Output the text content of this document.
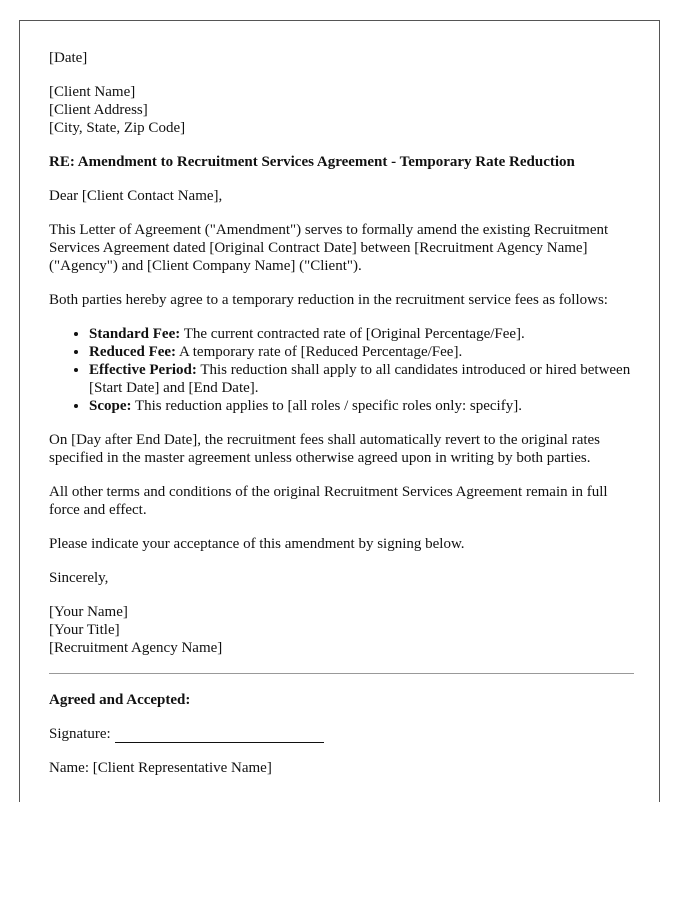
[Date]

[Client Name]
[Client Address]
[City, State, Zip Code]

RE: Amendment to Recruitment Services Agreement - Temporary Rate Reduction

Dear [Client Contact Name],

This Letter of Agreement ("Amendment") serves to formally amend the existing Recruitment Services Agreement dated [Original Contract Date] between [Recruitment Agency Name] ("Agency") and [Client Company Name] ("Client").

Both parties hereby agree to a temporary reduction in the recruitment service fees as follows:

• Standard Fee: The current contracted rate of [Original Percentage/Fee].
• Reduced Fee: A temporary rate of [Reduced Percentage/Fee].
• Effective Period: This reduction shall apply to all candidates introduced or hired between [Start Date] and [End Date].
• Scope: This reduction applies to [all roles / specific roles only: specify].

On [Day after End Date], the recruitment fees shall automatically revert to the original rates specified in the master agreement unless otherwise agreed upon in writing by both parties.

All other terms and conditions of the original Recruitment Services Agreement remain in full force and effect.

Please indicate your acceptance of this amendment by signing below.

Sincerely,

[Your Name]
[Your Title]
[Recruitment Agency Name]
Agreed and Accepted:

Signature:

Name: [Client Representative Name]
